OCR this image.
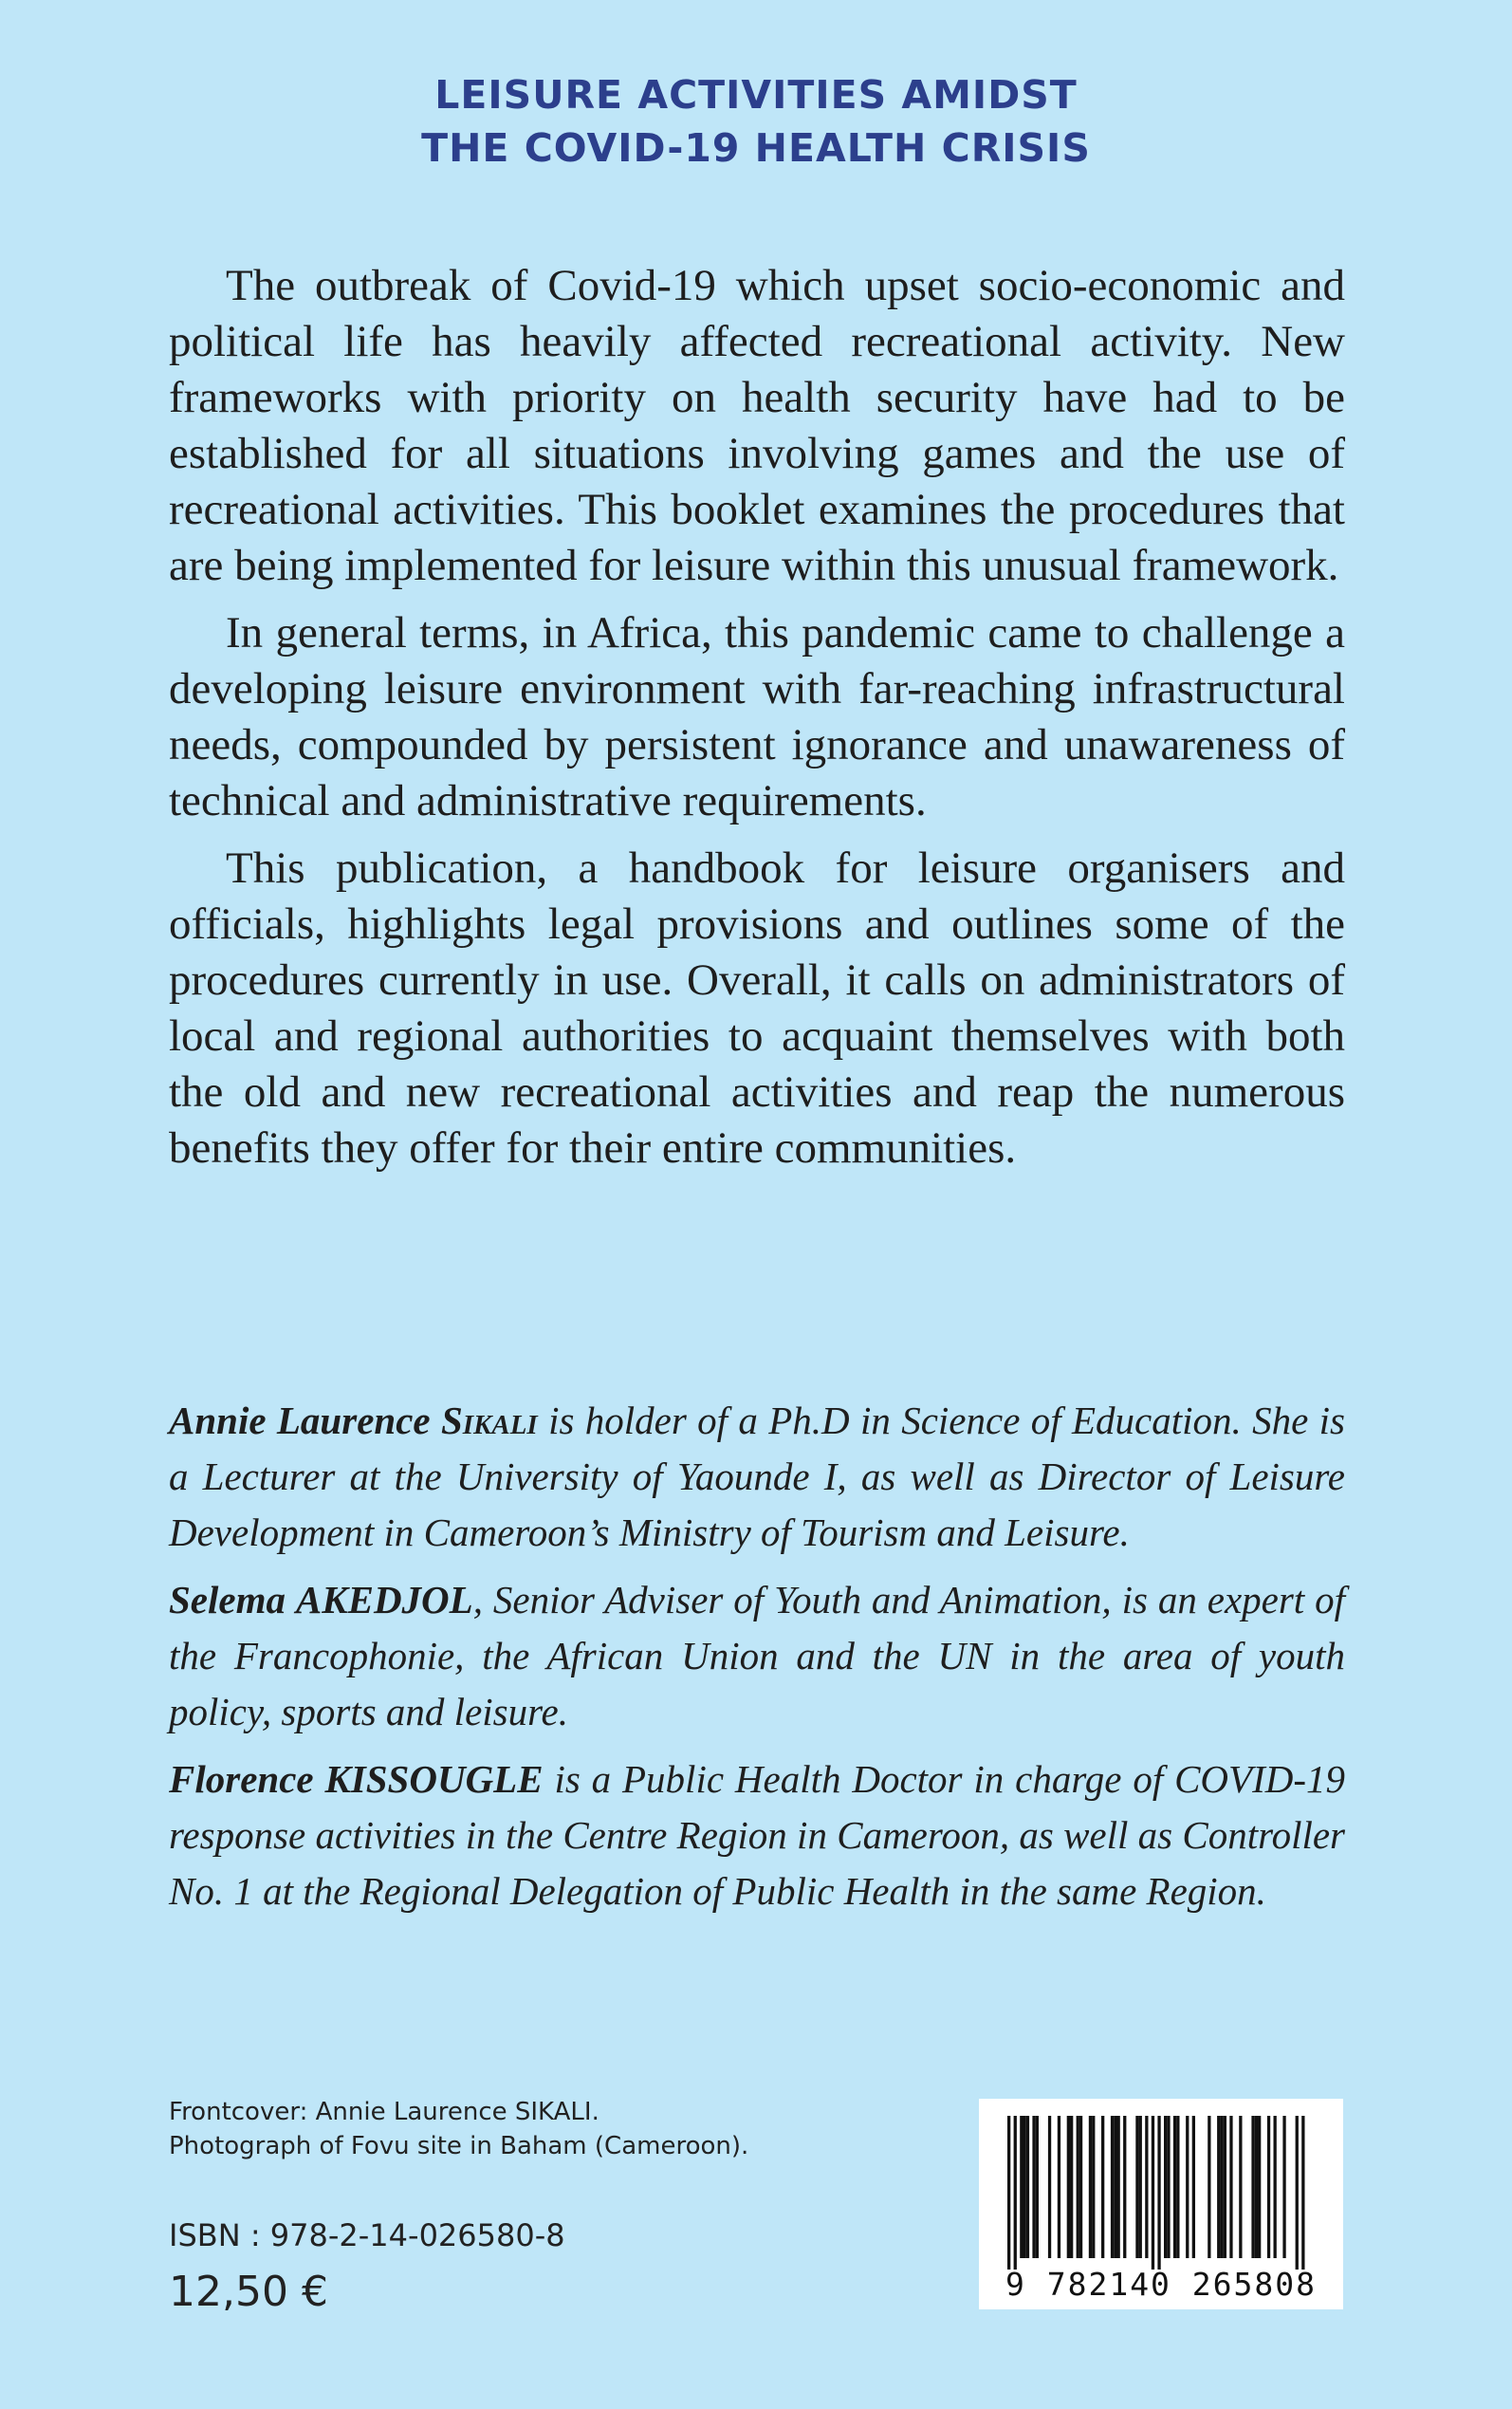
LEISURE ACTIVITIES AMIDST
THE COVID-19 HEALTH CRISIS

The outbreak of Covid-19 which upset socio-economic and political life has heavily affected recreational activity. New frameworks with priority on health security have had to be established for all situations involving games and the use of recreational activities. This booklet examines the procedures that are being implemented for leisure within this unusual framework.

In general terms, in Africa, this pandemic came to challenge a developing leisure environment with far-reaching infrastructural needs, compounded by persistent ignorance and unawareness of technical and administrative requirements.

This publication, a handbook for leisure organisers and officials, highlights legal provisions and outlines some of the procedures currently in use. Overall, it calls on administrators of local and regional authorities to acquaint themselves with both the old and new recreational activities and reap the numerous benefits they offer for their entire communities.

Annie Laurence Sikali is holder of a Ph.D in Science of Education. She is a Lecturer at the University of Yaounde I, as well as Director of Leisure Development in Cameroon’s Ministry of Tourism and Leisure.

Selema AKEDJOL, Senior Adviser of Youth and Animation, is an expert of the Francophonie, the African Union and the UN in the area of youth policy, sports and leisure.

Florence KISSOUGLE is a Public Health Doctor in charge of COVID-19 response activities in the Centre Region in Cameroon, as well as Controller No. 1 at the Regional Delegation of Public Health in the same Region.

Frontcover: Annie Laurence SIKALI.
Photograph of Fovu site in Baham (Cameroon).
ISBN : 978-2-14-026580-8
12,50 €	9 782140 265808
